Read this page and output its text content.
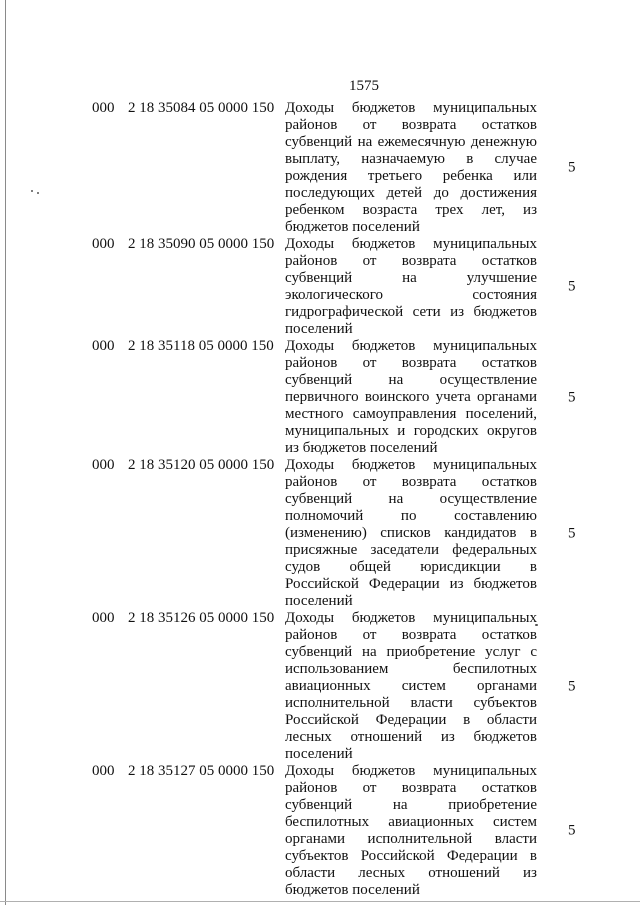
1575
000 2 18 35084 05 0000 150 Доходы бюджетов муниципальных районов от возврата остатков субвенций на ежемесячную денежную выплату, назначаемую в случае рождения третьего ребенка или последующих детей до достижения ребенком возраста трех лет, из бюджетов поселений
5
000 2 18 35090 05 0000 150 Доходы бюджетов муниципальных районов от возврата остатков субвенций на улучшение экологического состояния гидрографической сети из бюджетов поселений
5
000 2 18 35118 05 0000 150 Доходы бюджетов муниципальных районов от возврата остатков субвенций на осуществление первичного воинского учета органами местного самоуправления поселений, муниципальных и городских округов из бюджетов поселений
5
000 2 18 35120 05 0000 150 Доходы бюджетов муниципальных районов от возврата остатков субвенций на осуществление полномочий по составлению (изменению) списков кандидатов в присяжные заседатели федеральных судов общей юрисдикции в Российской Федерации из бюджетов поселений
5
000 2 18 35126 05 0000 150 Доходы бюджетов муниципальных районов от возврата остатков субвенций на приобретение услуг с использованием беспилотных авиационных систем органами исполнительной власти субъектов Российской Федерации в области лесных отношений из бюджетов поселений
5
000 2 18 35127 05 0000 150 Доходы бюджетов муниципальных районов от возврата остатков субвенций на приобретение беспилотных авиационных систем органами исполнительной власти субъектов Российской Федерации в области лесных отношений из бюджетов поселений
5
